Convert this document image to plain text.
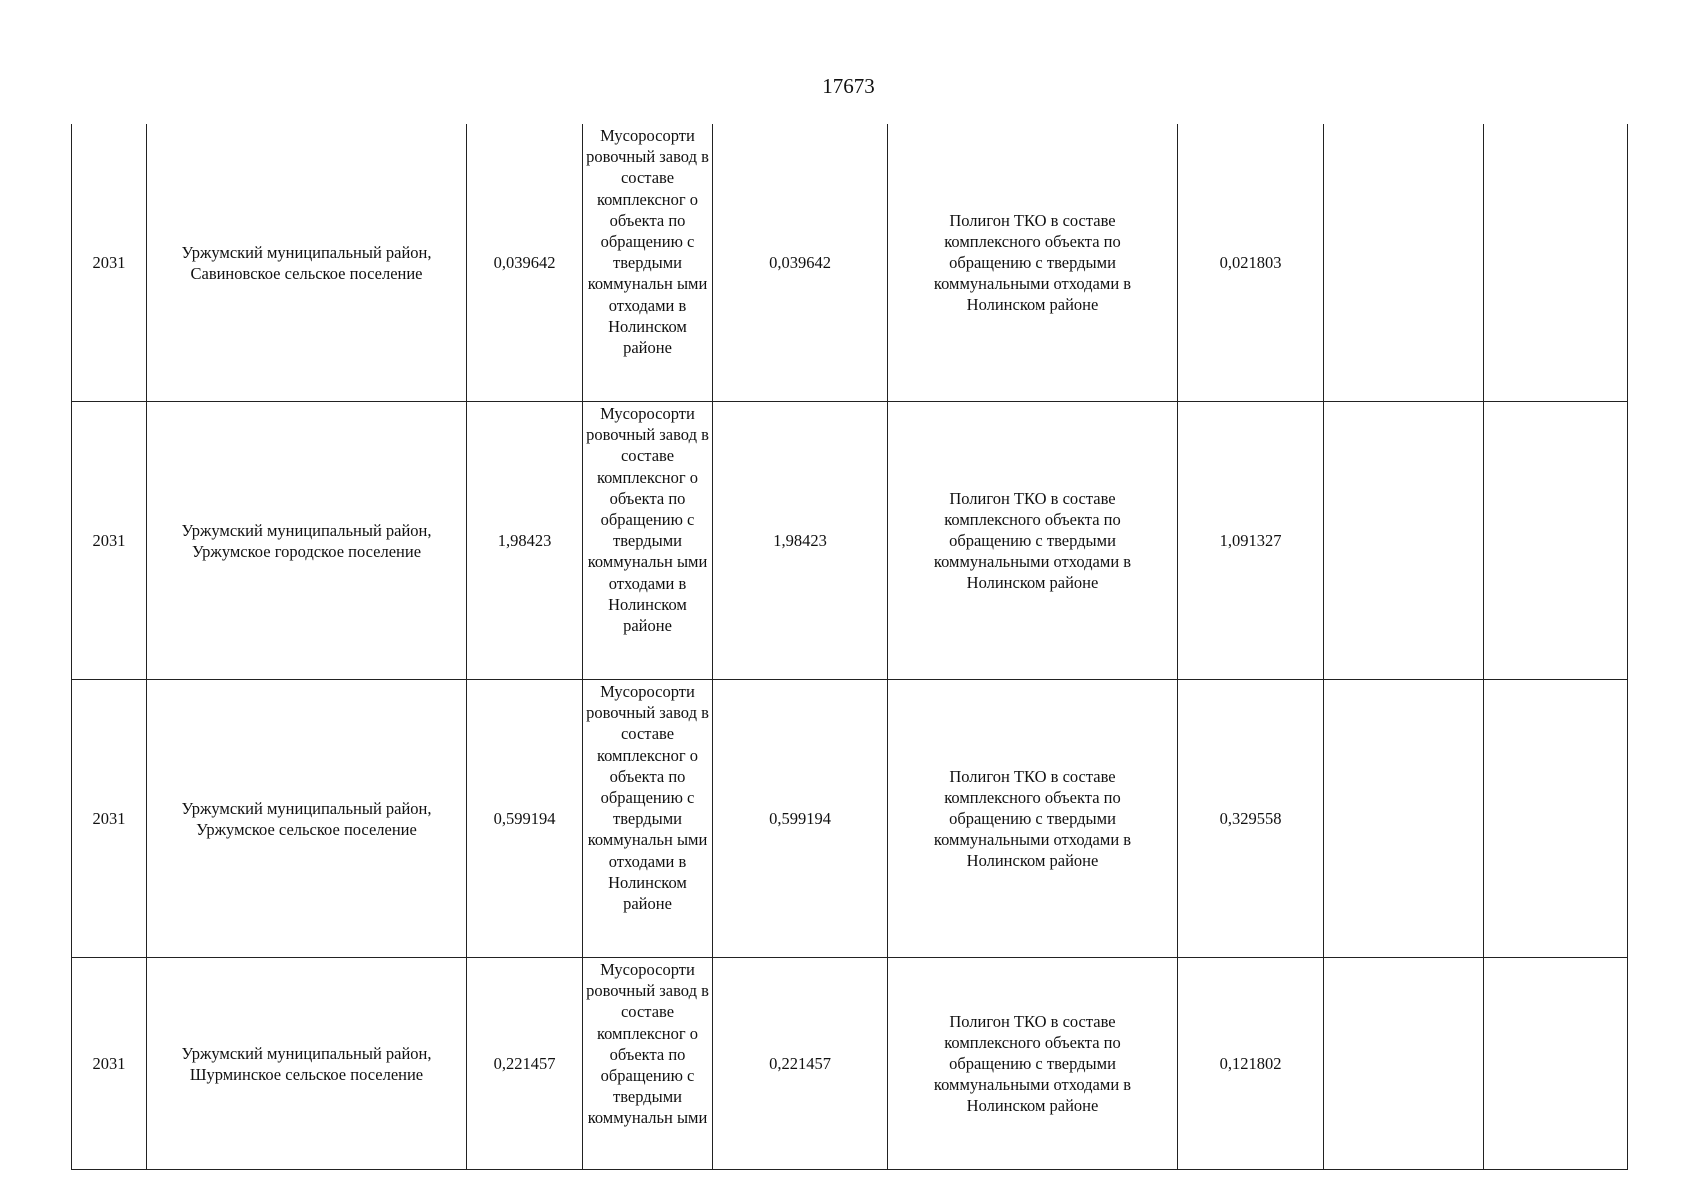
17673
2031	Уржумский муниципальный район, Савиновское сельское поселение	0,039642	Мусоросорти ровочный завод в составе комплексног о объекта по обращению с твердыми коммунальн ыми отходами в Нолинском районе	0,039642	Полигон ТКО в составе комплексного объекта по обращению с твердыми коммунальными отходами в Нолинском районе	0,021803		
2031	Уржумский муниципальный район, Уржумское городское поселение	1,98423	Мусоросорти ровочный завод в составе комплексног о объекта по обращению с твердыми коммунальн ыми отходами в Нолинском районе	1,98423	Полигон ТКО в составе комплексного объекта по обращению с твердыми коммунальными отходами в Нолинском районе	1,091327		
2031	Уржумский муниципальный район, Уржумское сельское поселение	0,599194	Мусоросорти ровочный завод в составе комплексног о объекта по обращению с твердыми коммунальн ыми отходами в Нолинском районе	0,599194	Полигон ТКО в составе комплексного объекта по обращению с твердыми коммунальными отходами в Нолинском районе	0,329558		
2031	Уржумский муниципальный район, Шурминское сельское поселение	0,221457	Мусоросорти ровочный завод в составе комплексног о объекта по обращению с твердыми коммунальн ыми	0,221457	Полигон ТКО в составе комплексного объекта по обращению с твердыми коммунальными отходами в Нолинском районе	0,121802		
